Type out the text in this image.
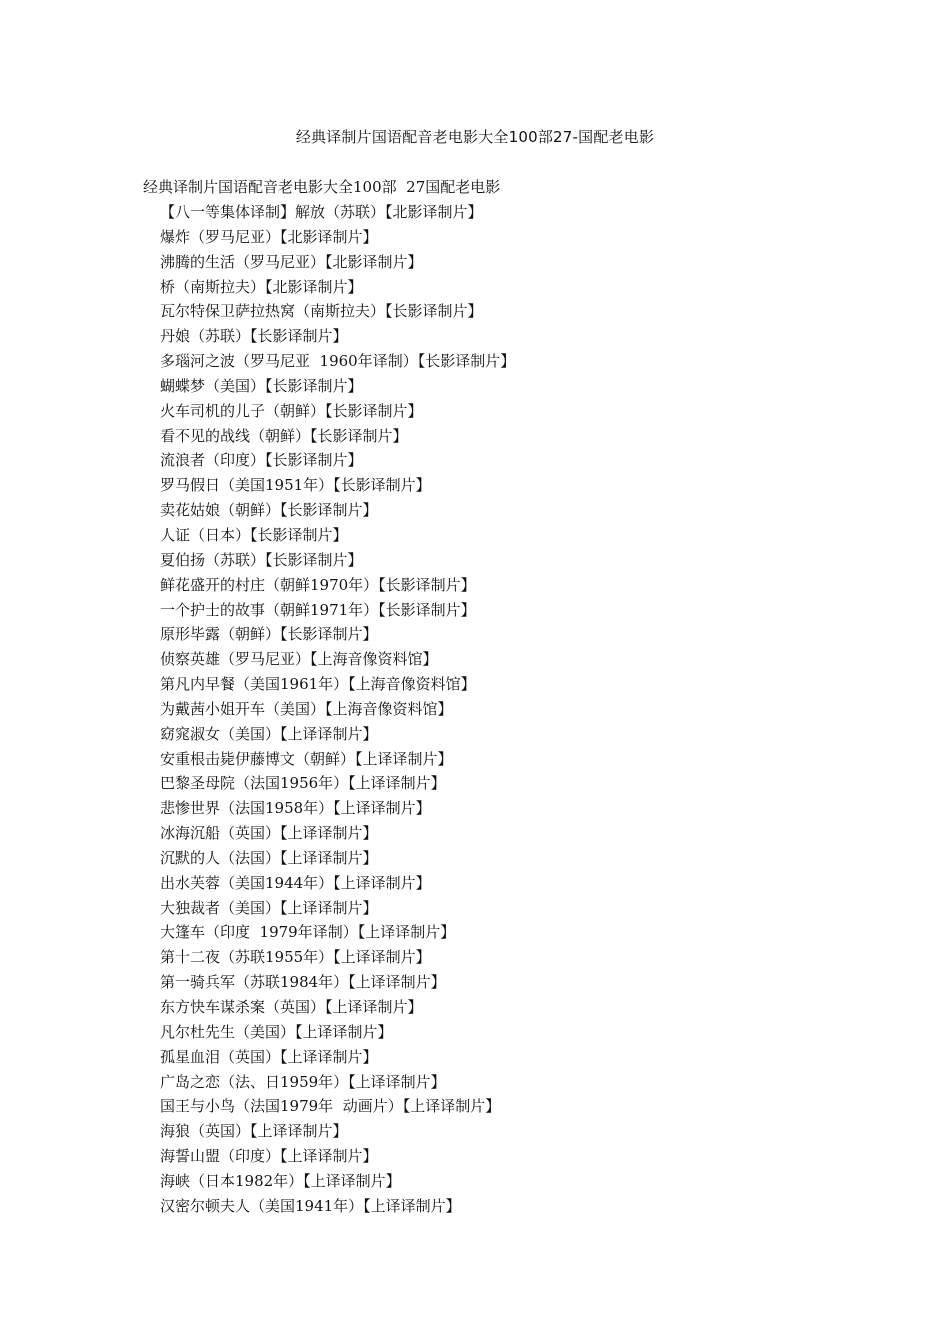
经典译制片国语配音老电影大全100部27-国配老电影
经典译制片国语配音老电影大全100部  27国配老电影
【八一等集体译制】解放（苏联）【北影译制片】
爆炸（罗马尼亚）【北影译制片】
沸腾的生活（罗马尼亚）【北影译制片】
桥（南斯拉夫）【北影译制片】
瓦尔特保卫萨拉热窝（南斯拉夫）【长影译制片】
丹娘（苏联）【长影译制片】
多瑙河之波（罗马尼亚  1960年译制）【长影译制片】
蝴蝶梦（美国）【长影译制片】
火车司机的儿子（朝鲜）【长影译制片】
看不见的战线（朝鲜）【长影译制片】
流浪者（印度）【长影译制片】
罗马假日（美国1951年）【长影译制片】
卖花姑娘（朝鲜）【长影译制片】
人证（日本）【长影译制片】
夏伯扬（苏联）【长影译制片】
鲜花盛开的村庄（朝鲜1970年）【长影译制片】
一个护士的故事（朝鲜1971年）【长影译制片】
原形毕露（朝鲜）【长影译制片】
侦察英雄（罗马尼亚）【上海音像资料馆】
第凡内早餐（美国1961年）【上海音像资料馆】
为戴茜小姐开车（美国）【上海音像资料馆】
窈窕淑女（美国）【上译译制片】
安重根击毙伊藤博文（朝鲜）【上译译制片】
巴黎圣母院（法国1956年）【上译译制片】
悲惨世界（法国1958年）【上译译制片】
冰海沉船（英国）【上译译制片】
沉默的人（法国）【上译译制片】
出水芙蓉（美国1944年）【上译译制片】
大独裁者（美国）【上译译制片】
大篷车（印度  1979年译制）【上译译制片】
第十二夜（苏联1955年）【上译译制片】
第一骑兵军（苏联1984年）【上译译制片】
东方快车谋杀案（英国）【上译译制片】
凡尔杜先生（美国）【上译译制片】
孤星血泪（英国）【上译译制片】
广岛之恋（法、日1959年）【上译译制片】
国王与小鸟（法国1979年  动画片）【上译译制片】
海狼（英国）【上译译制片】
海誓山盟（印度）【上译译制片】
海峡（日本1982年）【上译译制片】
汉密尔顿夫人（美国1941年）【上译译制片】
